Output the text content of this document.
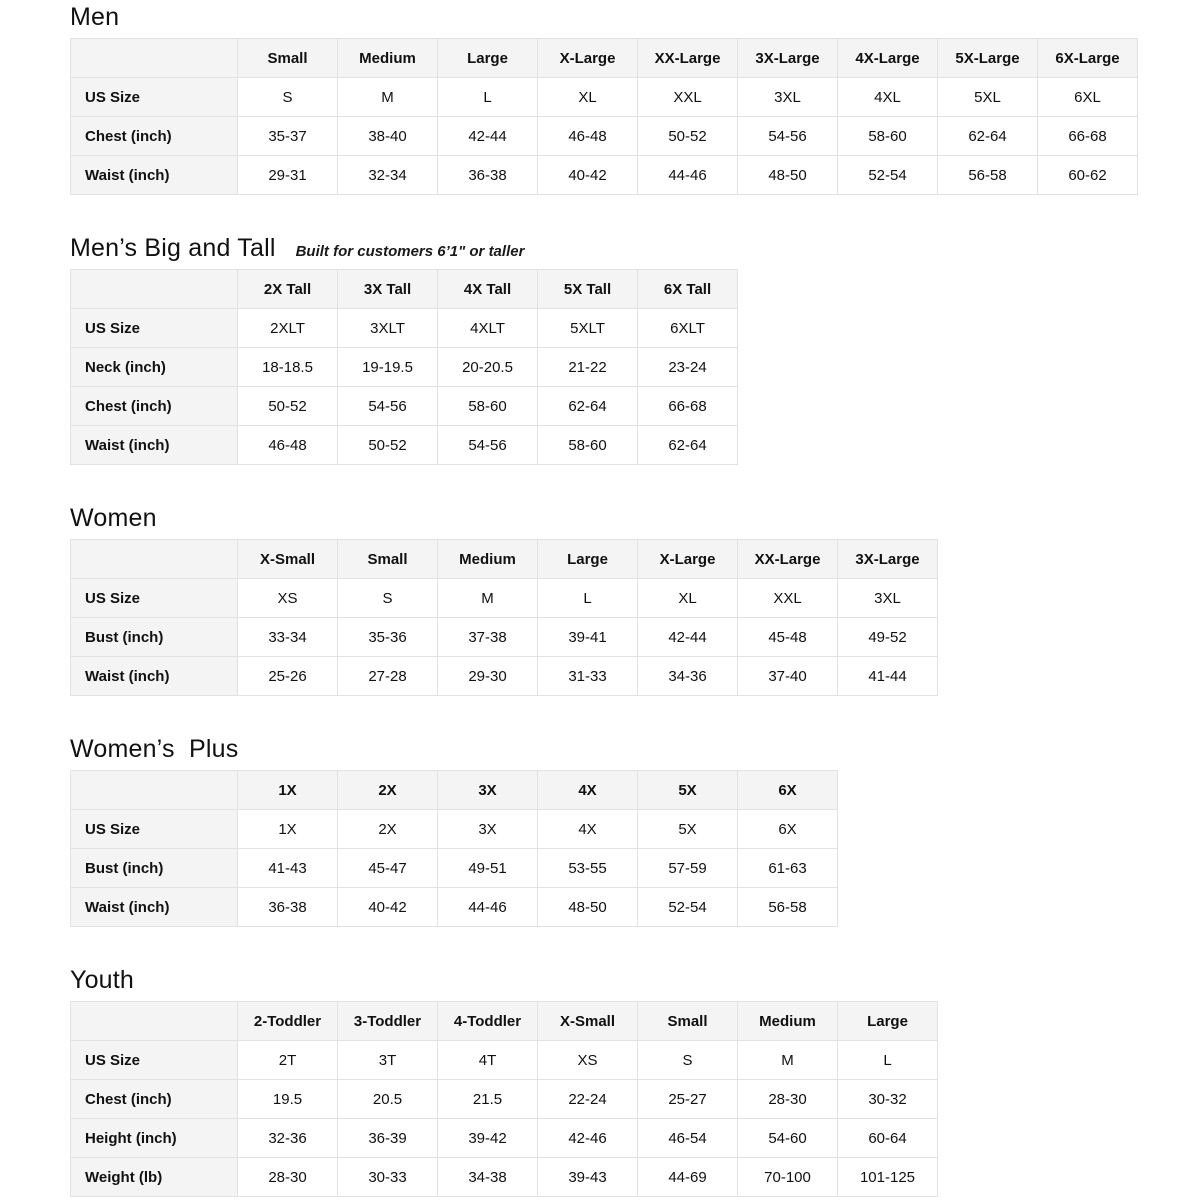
Men
	Small	Medium	Large	X-Large	XX-Large	3X-Large	4X-Large	5X-Large	6X-Large
US Size	S	M	L	XL	XXL	3XL	4XL	5XL	6XL
Chest (inch)	35-37	38-40	42-44	46-48	50-52	54-56	58-60	62-64	66-68
Waist (inch)	29-31	32-34	36-38	40-42	44-46	48-50	52-54	56-58	60-62
Men’s Big and Tall Built for customers 6’1" or taller
	2X Tall	3X Tall	4X Tall	5X Tall	6X Tall
US Size	2XLT	3XLT	4XLT	5XLT	6XLT
Neck (inch)	18-18.5	19-19.5	20-20.5	21-22	23-24
Chest (inch)	50-52	54-56	58-60	62-64	66-68
Waist (inch)	46-48	50-52	54-56	58-60	62-64
Women
	X-Small	Small	Medium	Large	X-Large	XX-Large	3X-Large
US Size	XS	S	M	L	XL	XXL	3XL
Bust (inch)	33-34	35-36	37-38	39-41	42-44	45-48	49-52
Waist (inch)	25-26	27-28	29-30	31-33	34-36	37-40	41-44
Women’s  Plus
	1X	2X	3X	4X	5X	6X
US Size	1X	2X	3X	4X	5X	6X
Bust (inch)	41-43	45-47	49-51	53-55	57-59	61-63
Waist (inch)	36-38	40-42	44-46	48-50	52-54	56-58
Youth
	2-Toddler	3-Toddler	4-Toddler	X-Small	Small	Medium	Large
US Size	2T	3T	4T	XS	S	M	L
Chest (inch)	19.5	20.5	21.5	22-24	25-27	28-30	30-32
Height (inch)	32-36	36-39	39-42	42-46	46-54	54-60	60-64
Weight (lb)	28-30	30-33	34-38	39-43	44-69	70-100	101-125
